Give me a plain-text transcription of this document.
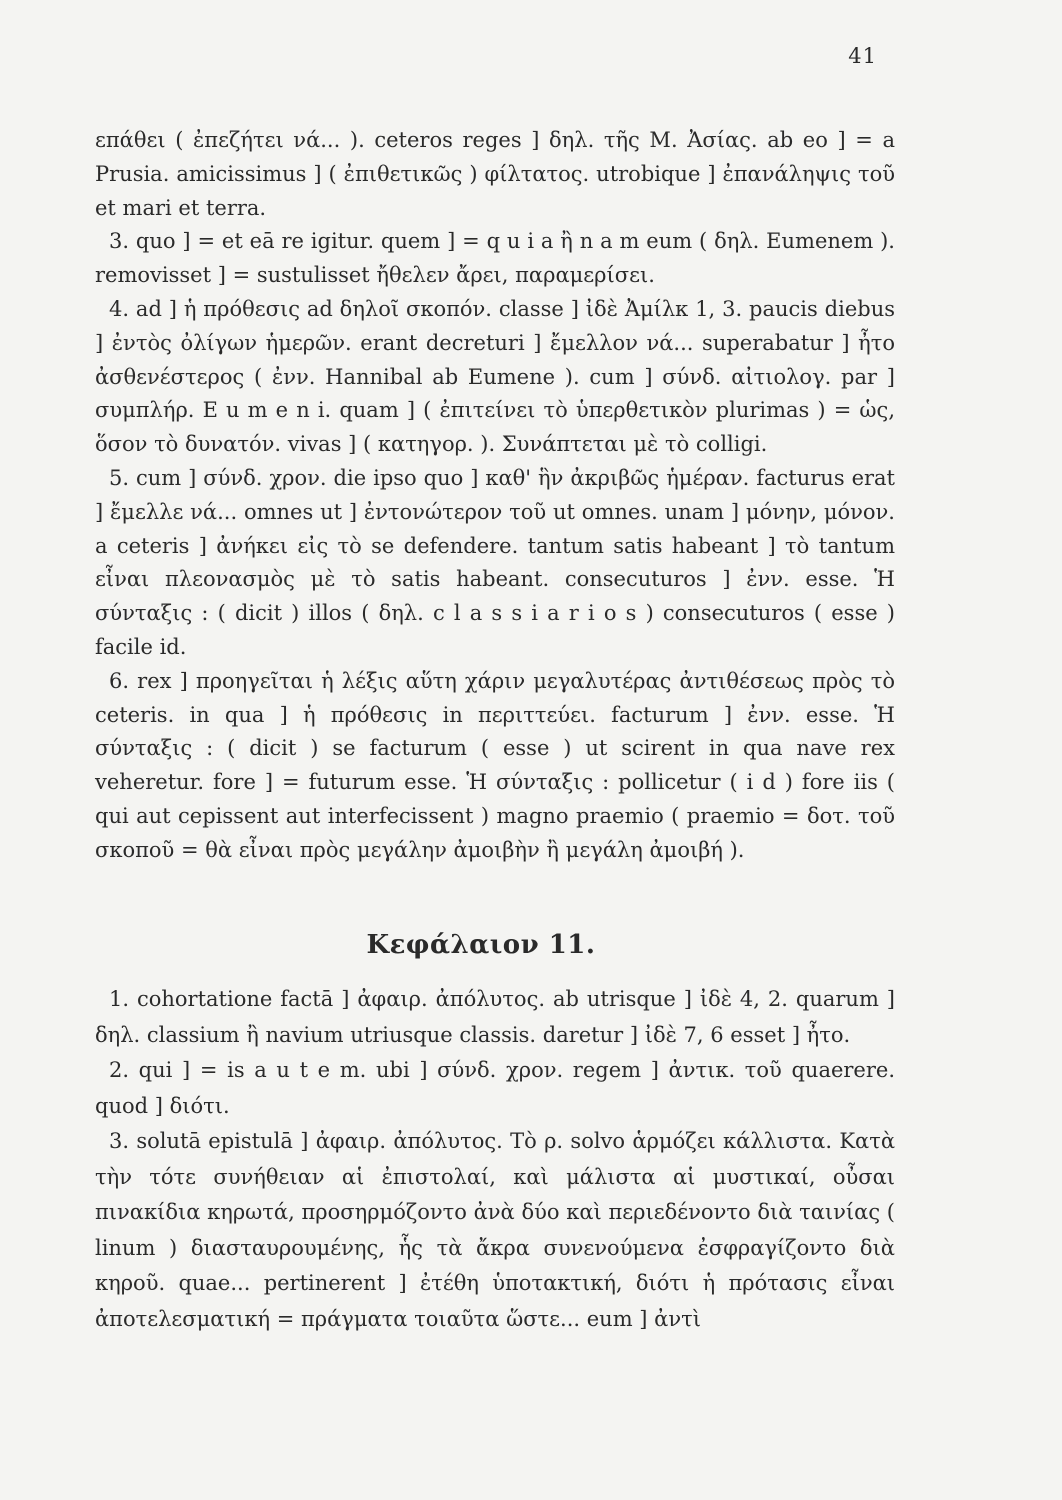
41

επάθει ( ἐπεζήτει νά... ). ceteros reges ] δηλ. τῆς Μ. Ἀσίας. ab eo ] = a Prusia. amicissimus ] ( ἐπιθετικῶς ) φίλτατος. utrobique ] ἐπανάληψις τοῦ et mari et terra.

3. quo ] = et eā re igitur. quem ] = q u i a ἢ n a m eum ( δηλ. Eumenem ). removisset ] = sustulisset ἤθελεν ἄρει, παραμερίσει.

4. ad ] ἡ πρόθεσις ad δηλοῖ σκοπόν. classe ] ἰδὲ Ἀμίλκ 1, 3. paucis diebus ] ἐντὸς ὀλίγων ἡμερῶν. erant decreturi ] ἔμελλον νά... superabatur ] ἦτο ἀσθενέστερος ( ἐνν. Hannibal ab Eumene ). cum ] σύνδ. αἰτιολογ. par ] συμπλήρ. E u m e n i. quam ] ( ἐπιτείνει τὸ ὑπερθετικὸν plurimas ) = ὡς, ὅσον τὸ δυνατόν. vivas ] ( κατηγορ. ). Συνάπτεται μὲ τὸ colligi.

5. cum ] σύνδ. χρον. die ipso quo ] καθ' ἣν ἀκριβῶς ἡμέραν. facturus erat ] ἔμελλε νά... omnes ut ] ἐντονώτερον τοῦ ut omnes. unam ] μόνην, μόνον. a ceteris ] ἀνήκει εἰς τὸ se defendere. tantum satis habeant ] τὸ tantum εἶναι πλεονασμὸς μὲ τὸ satis habeant. consecuturos ] ἐνν. esse. Ἡ σύνταξις : ( dicit ) illos ( δηλ. c l a s s i a r i o s ) consecuturos ( esse ) facile id.

6. rex ] προηγεῖται ἡ λέξις αὕτη χάριν μεγαλυτέρας ἀντιθέσεως πρὸς τὸ ceteris. in qua ] ἡ πρόθεσις in περιττεύει. facturum ] ἐνν. esse. Ἡ σύνταξις : ( dicit ) se facturum ( esse ) ut scirent in qua nave rex veheretur. fore ] = futurum esse. Ἡ σύνταξις : pollicetur ( i d ) fore iis ( qui aut cepissent aut interfecissent ) magno praemio ( praemio = δοτ. τοῦ σκοποῦ = θὰ εἶναι πρὸς μεγάλην ἀμοιβὴν ἢ μεγάλη ἀμοιβή ).

Κεφάλαιον 11.

1. cohortatione factā ] ἀφαιρ. ἀπόλυτος. ab utrisque ] ἰδὲ 4, 2. quarum ] δηλ. classium ἢ navium utriusque classis. daretur ] ἰδὲ 7, 6 esset ] ἦτο.

2. qui ] = is a u t e m. ubi ] σύνδ. χρον. regem ] ἀντικ. τοῦ quaerere. quod ] διότι.

3. solutā epistulā ] ἀφαιρ. ἀπόλυτος. Τὸ ρ. solvo ἁρμόζει κάλλιστα. Κατὰ τὴν τότε συνήθειαν αἱ ἐπιστολαί, καὶ μάλιστα αἱ μυστικαί, οὖσαι πινακίδια κηρωτά, προσηρμόζοντο ἀνὰ δύο καὶ περιεδένοντο διὰ ταινίας ( linum ) διασταυρουμένης, ἧς τὰ ἄκρα συνενούμενα ἐσφραγίζοντο διὰ κηροῦ. quae... pertinerent ] ἐτέθη ὑποτακτική, διότι ἡ πρότασις εἶναι ἀποτελεσματική = πράγματα τοιαῦτα ὥστε... eum ] ἀντὶ
